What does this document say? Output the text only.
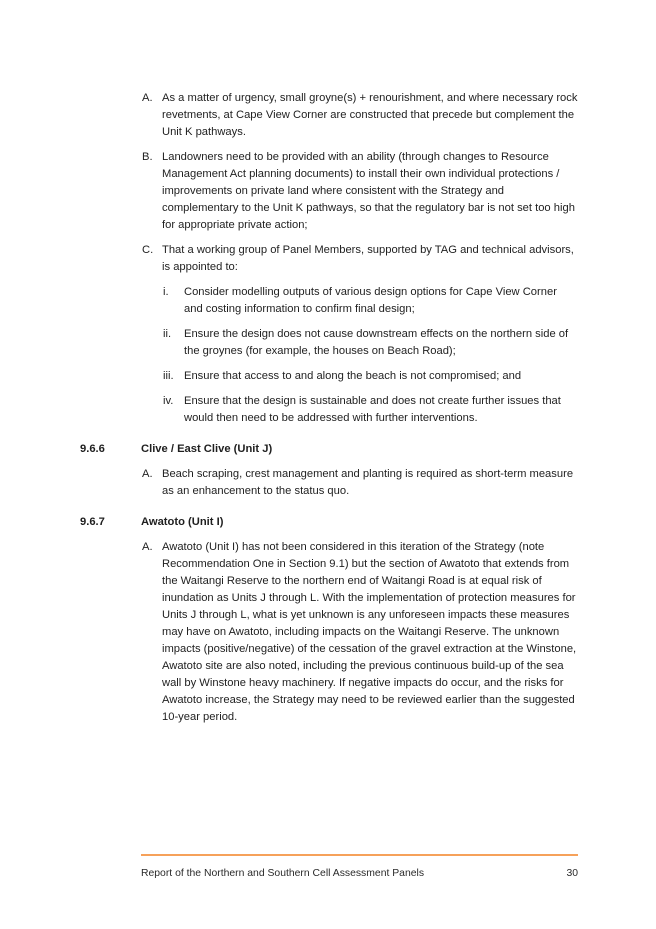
A. As a matter of urgency, small groyne(s) + renourishment, and where necessary rock revetments, at Cape View Corner are constructed that precede but complement the Unit K pathways.
B. Landowners need to be provided with an ability (through changes to Resource Management Act planning documents) to install their own individual protections / improvements on private land where consistent with the Strategy and complementary to the Unit K pathways, so that the regulatory bar is not set too high for appropriate private action;
C. That a working group of Panel Members, supported by TAG and technical advisors, is appointed to:
i. Consider modelling outputs of various design options for Cape View Corner and costing information to confirm final design;
ii. Ensure the design does not cause downstream effects on the northern side of the groynes (for example, the houses on Beach Road);
iii. Ensure that access to and along the beach is not compromised; and
iv. Ensure that the design is sustainable and does not create further issues that would then need to be addressed with further interventions.
9.6.6	Clive / East Clive (Unit J)
A. Beach scraping, crest management and planting is required as short-term measure as an enhancement to the status quo.
9.6.7	Awatoto (Unit I)
A. Awatoto (Unit I) has not been considered in this iteration of the Strategy (note Recommendation One in Section 9.1) but the section of Awatoto that extends from the Waitangi Reserve to the northern end of Waitangi Road is at equal risk of inundation as Units J through L. With the implementation of protection measures for Units J through L, what is yet unknown is any unforeseen impacts these measures may have on Awatoto, including impacts on the Waitangi Reserve. The unknown impacts (positive/negative) of the cessation of the gravel extraction at the Winstone, Awatoto site are also noted, including the previous continuous build-up of the sea wall by Winstone heavy machinery. If negative impacts do occur, and the risks for Awatoto increase, the Strategy may need to be reviewed earlier than the suggested 10-year period.
Report of the Northern and Southern Cell Assessment Panels	30
